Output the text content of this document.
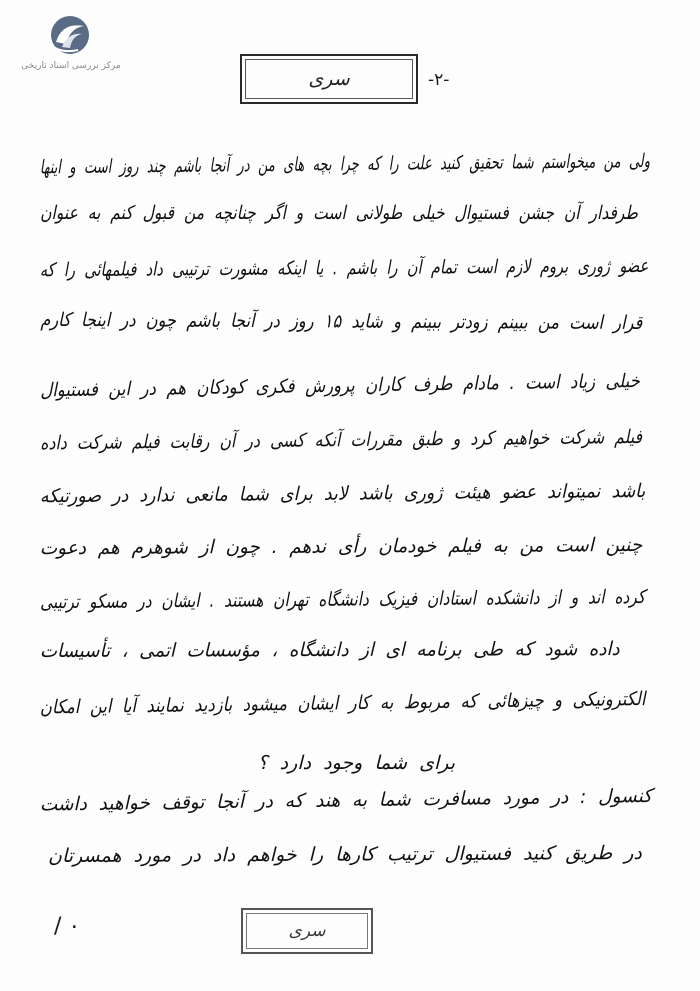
مرکز بررسی اسناد تاریخی
سری	-۲-
ولی من میخواستم شما تحقیق کنید علت را که چرا بچه های من در آنجا باشم چند روز است و اینها
طرفدار آن جشن فستیوال خیلی طولانی است و اگر چنانچه من قبول کنم به عنوان
عضو ژوری بروم لازم است تمام آن را باشم . یا اینکه مشورت ترتیبی داد فیلمهائی را که
قرار است من ببینم زودتر ببینم و شاید ۱۵ روز در آنجا باشم چون در اینجا کارم
خیلی زیاد است . مادام طرف کاران پرورش فکری کودکان هم در این فستیوال
فیلم شرکت خواهیم کرد و طبق مقررات آنکه کسی در آن رقابت فیلم شرکت داده
باشد نمیتواند عضو هیئت ژوری باشد لابد برای شما مانعی ندارد در صورتیکه
چنین است من به فیلم خودمان رأی ندهم . چون از شوهرم هم دعوت
کرده اند و از دانشکده استادان فیزیک دانشگاه تهران هستند . ایشان در مسکو ترتیبی
داده شود که طی برنامه ای از دانشگاه ، مؤسسات اتمی ، تأسیسات
الکترونیکی و چیزهائی که مربوط به کار ایشان میشود بازدید نمایند آیا این امکان
برای شما وجود دارد ؟
کنسول : در مورد مسافرت شما به هند که در آنجا توقف خواهید داشت
در طریق کنید فستیوال ترتیب کارها را خواهم داد در مورد همسرتان
/ ٠	سری
